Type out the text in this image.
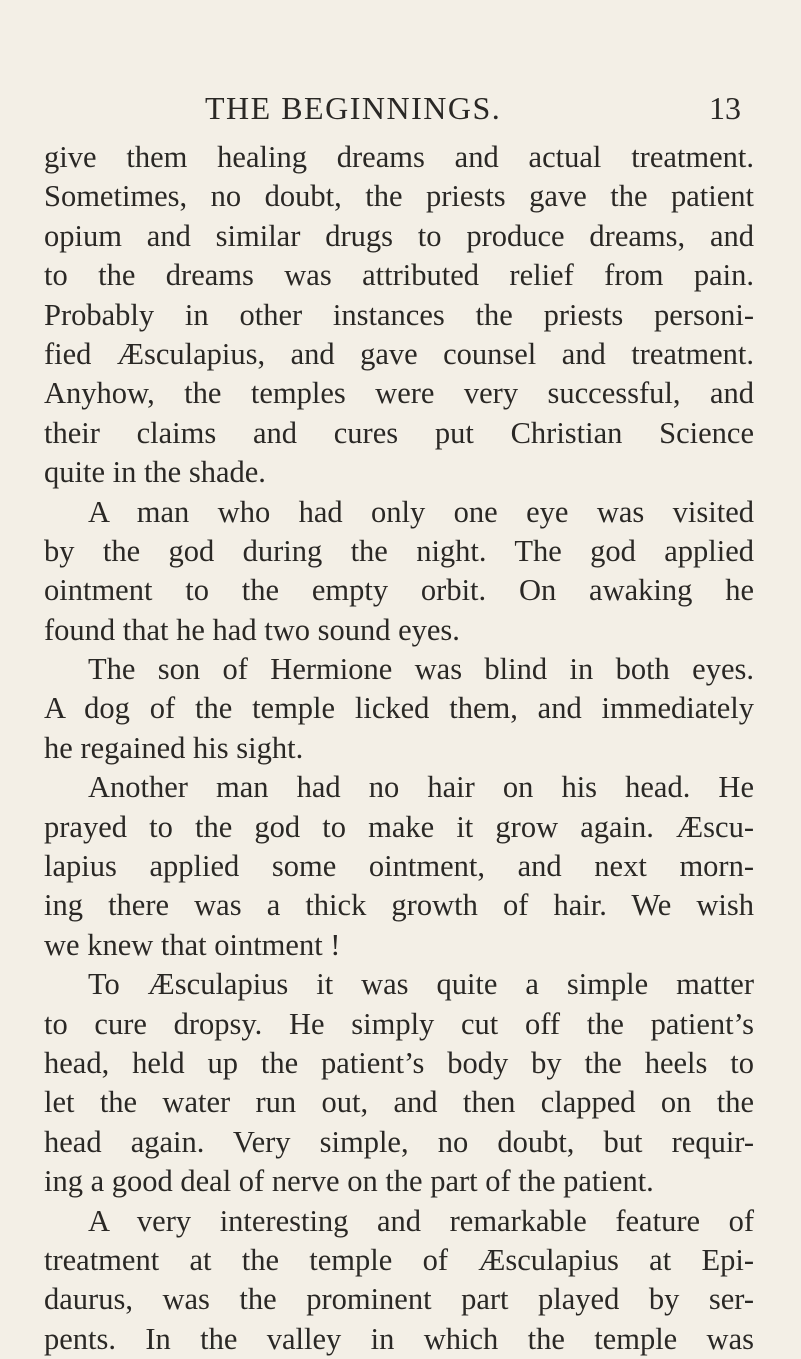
THE BEGINNINGS.	13
give them healing dreams and actual treatment.
Sometimes, no doubt, the priests gave the patient
opium and similar drugs to produce dreams, and
to the dreams was attributed relief from pain.
Probably in other instances the priests personi-
fied Æsculapius, and gave counsel and treatment.
Anyhow, the temples were very successful, and
their claims and cures put Christian Science
quite in the shade.
A man who had only one eye was visited
by the god during the night. The god applied
ointment to the empty orbit. On awaking he
found that he had two sound eyes.
The son of Hermione was blind in both eyes.
A dog of the temple licked them, and immediately
he regained his sight.
Another man had no hair on his head. He
prayed to the god to make it grow again. Æscu-
lapius applied some ointment, and next morn-
ing there was a thick growth of hair. We wish
we knew that ointment !
To Æsculapius it was quite a simple matter
to cure dropsy. He simply cut off the patient’s
head, held up the patient’s body by the heels to
let the water run out, and then clapped on the
head again. Very simple, no doubt, but requir-
ing a good deal of nerve on the part of the patient.
A very interesting and remarkable feature of
treatment at the temple of Æsculapius at Epi-
daurus, was the prominent part played by ser-
pents. In the valley in which the temple was
